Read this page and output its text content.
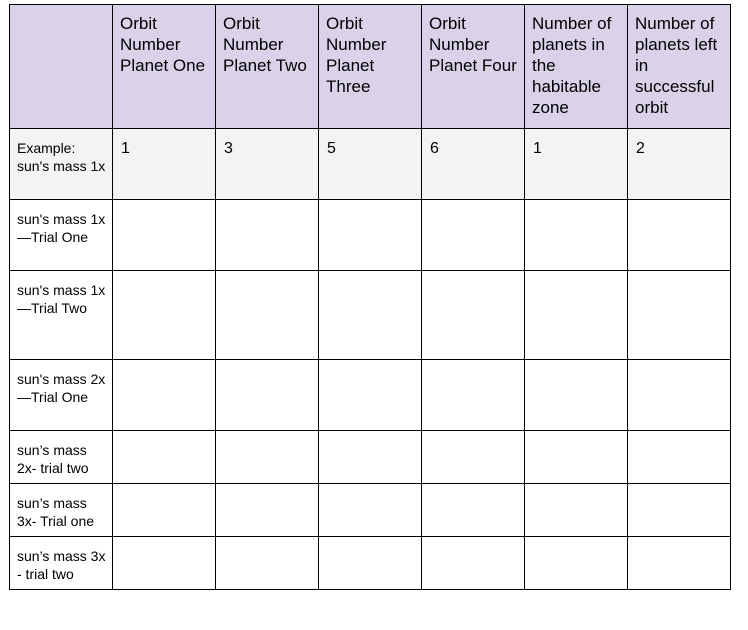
	Orbit Number Planet One	Orbit Number Planet Two	Orbit Number Planet Three	Orbit Number Planet Four	Number of planets in the habitable zone	Number of planets left in successful orbit

Example: sun's mass 1x	1	3	5	6	1	2

sun's mass 1x—Trial One						

sun's mass 1x—Trial Two						

sun's mass 2x—Trial One						

sun’s mass 2x- trial two						

sun’s mass 3x- Trial one						

sun’s mass 3x - trial two						
